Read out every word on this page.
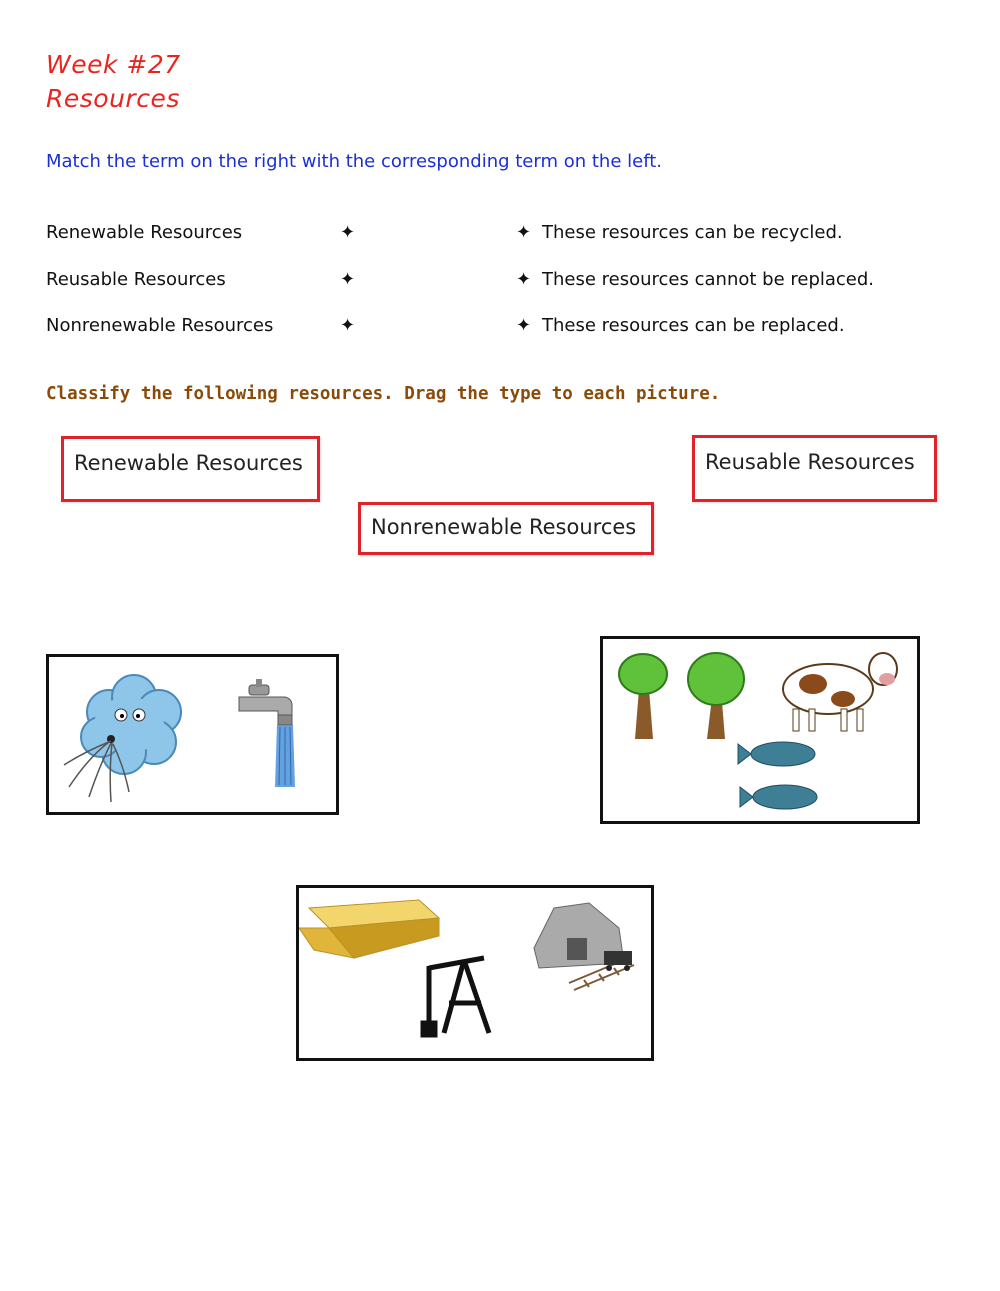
Week #27
Resources
Match the term on the right with the corresponding term on the left.
Renewable Resources
Reusable Resources
Nonrenewable Resources
✦
✦
✦
✦
✦
✦
These resources can be recycled.
These resources cannot be replaced.
These resources can be replaced.
Classify the following resources. Drag the type to each picture.
Renewable Resources	Reusable Resources
Nonrenewable Resources
